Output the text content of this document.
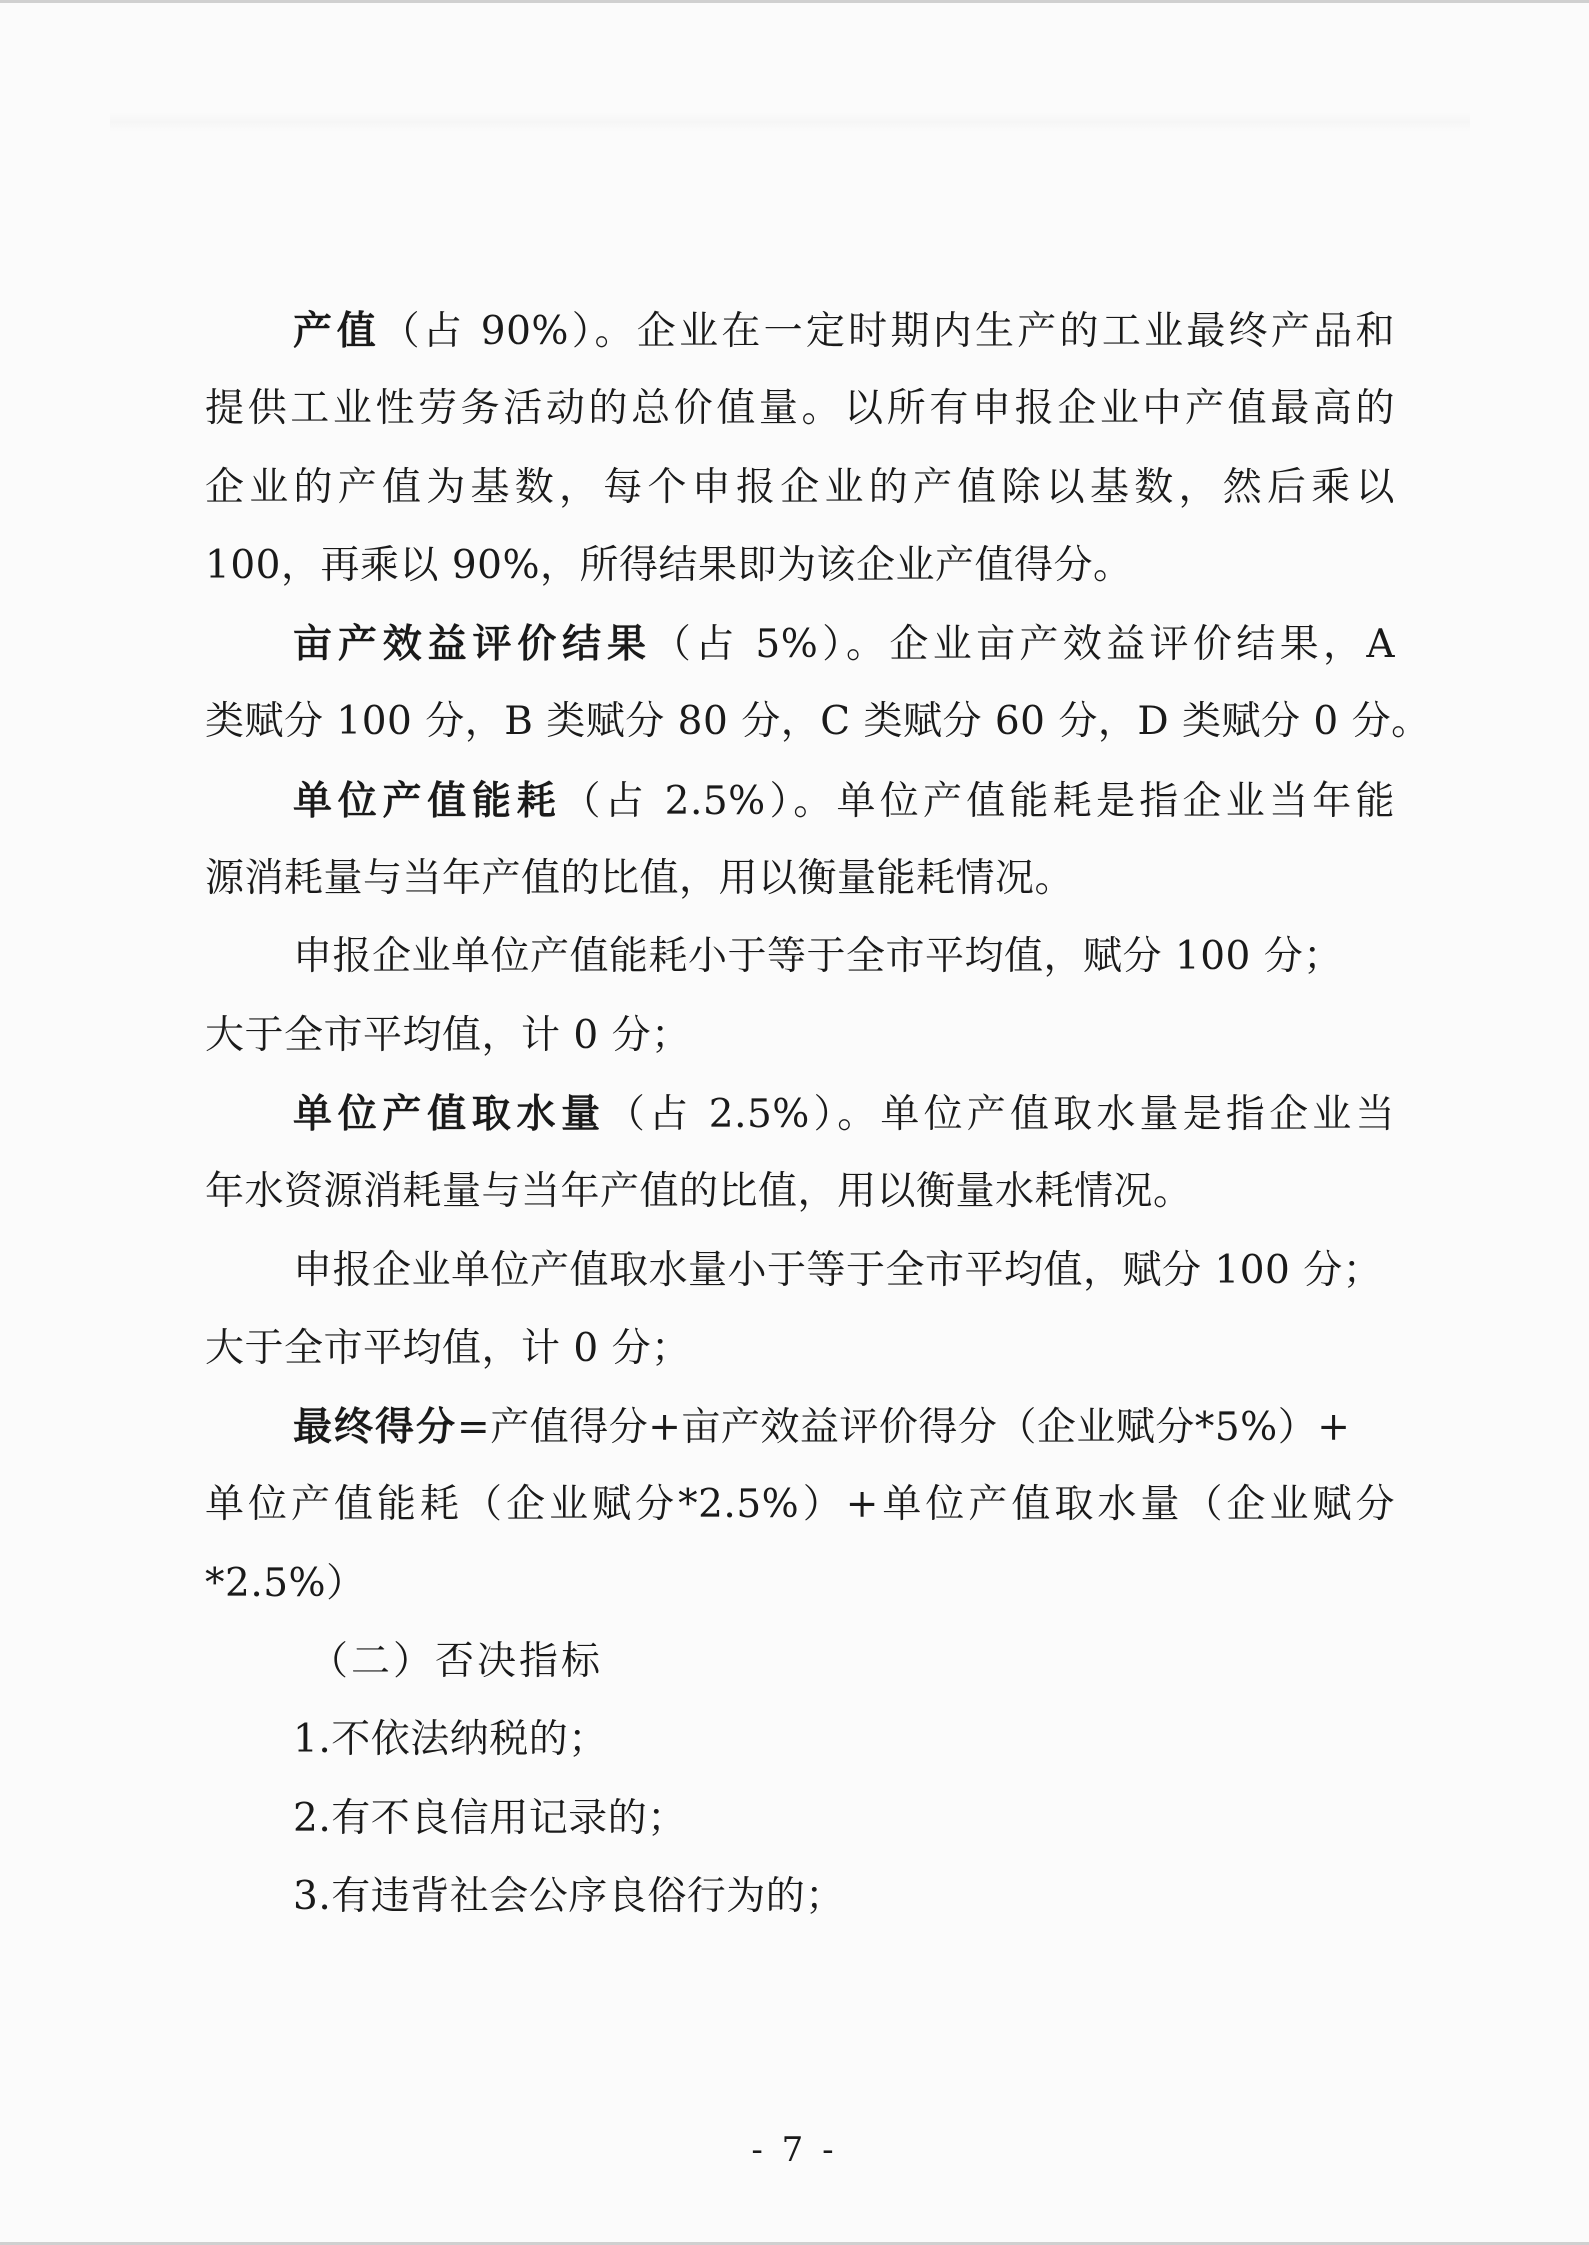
产值（占 90%）。企业在一定时期内生产的工业最终产品和
提供工业性劳务活动的总价值量。以所有申报企业中产值最高的
企业的产值为基数，每个申报企业的产值除以基数，然后乘以
100，再乘以 90%，所得结果即为该企业产值得分。
亩产效益评价结果（占 5%）。企业亩产效益评价结果，A
类赋分 100 分，B 类赋分 80 分，C 类赋分 60 分，D 类赋分 0 分。
单位产值能耗（占 2.5%）。单位产值能耗是指企业当年能
源消耗量与当年产值的比值，用以衡量能耗情况。
申报企业单位产值能耗小于等于全市平均值，赋分 100 分；
大于全市平均值，计 0 分；
单位产值取水量（占 2.5%）。单位产值取水量是指企业当
年水资源消耗量与当年产值的比值，用以衡量水耗情况。
申报企业单位产值取水量小于等于全市平均值，赋分 100 分；
大于全市平均值，计 0 分；
最终得分=产值得分+亩产效益评价得分（企业赋分*5%）+
单位产值能耗（企业赋分*2.5%）+单位产值取水量（企业赋分
*2.5%）
（二）否决指标
1.不依法纳税的；
2.有不良信用记录的；
3.有违背社会公序良俗行为的；
- 7 -
